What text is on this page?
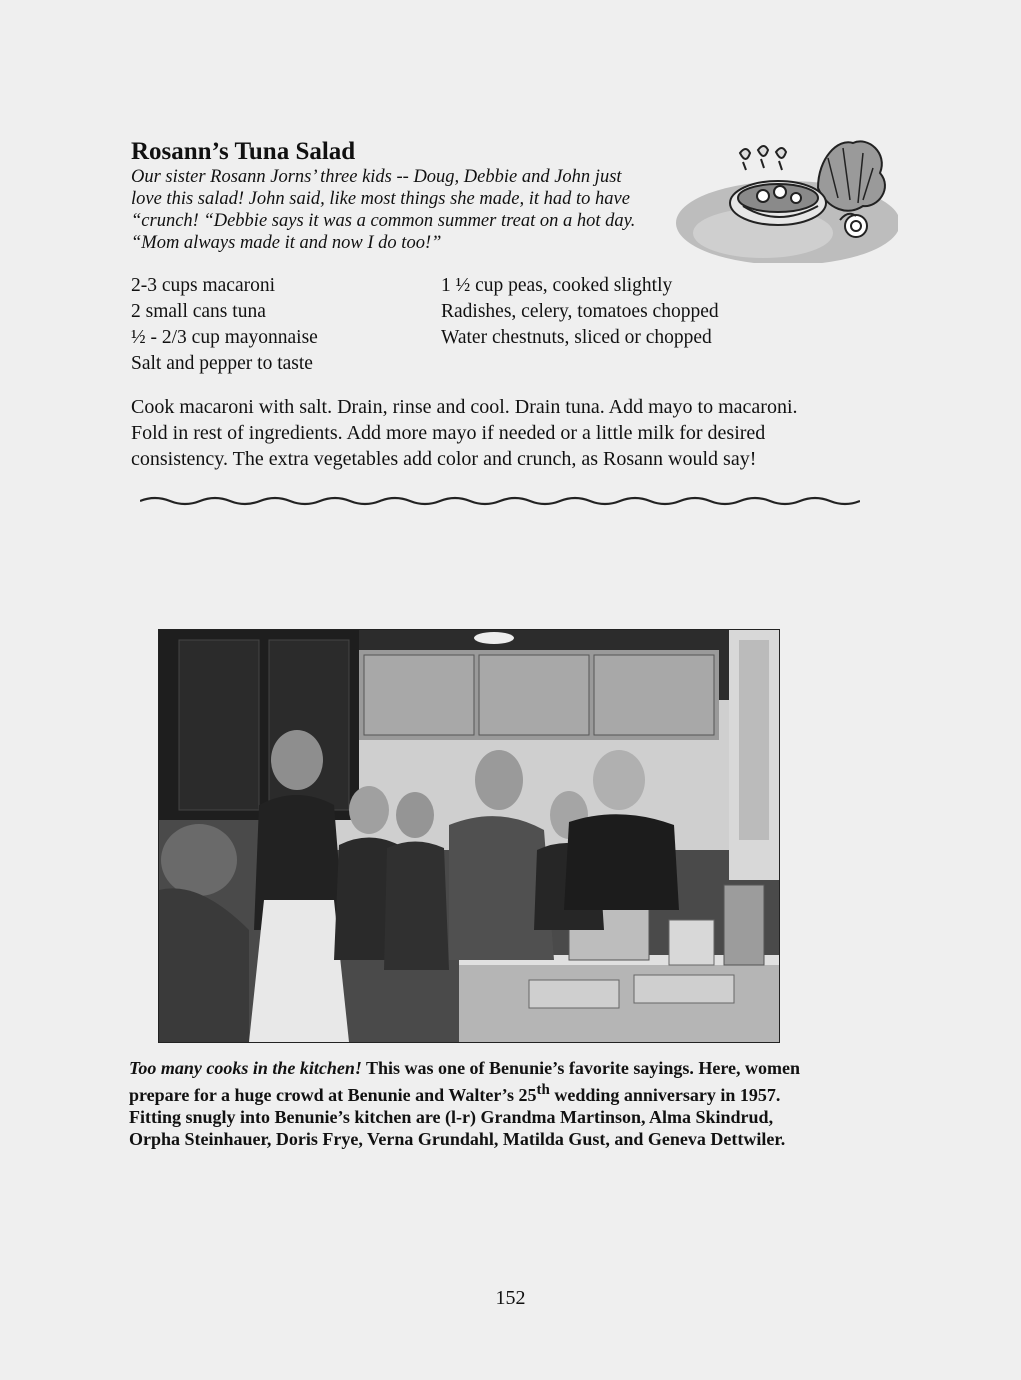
Rosann’s Tuna Salad

Our sister Rosann Jorns’ three kids -- Doug, Debbie and John just
love this salad! John said, like most things she made, it had to have
“crunch! “Debbie says it was a common summer treat on a hot day.
“Mom always made it and now I do too!”

2-3 cups macaroni
2 small cans tuna
½ - 2/3 cup mayonnaise
Salt and pepper to taste
1 ½ cup peas, cooked slightly
Radishes, celery, tomatoes chopped
Water chestnuts, sliced or chopped

Cook macaroni with salt. Drain, rinse and cool. Drain tuna. Add mayo to macaroni.
Fold in rest of ingredients. Add more mayo if needed or a little milk for desired
consistency. The extra vegetables add color and crunch, as Rosann would say!

Too many cooks in the kitchen! This was one of Benunie’s favorite sayings. Here, women
prepare for a huge crowd at Benunie and Walter’s 25th wedding anniversary in 1957.
Fitting snugly into Benunie’s kitchen are (l-r) Grandma Martinson, Alma Skindrud,
Orpha Steinhauer, Doris Frye, Verna Grundahl, Matilda Gust, and Geneva Dettwiler.

152
